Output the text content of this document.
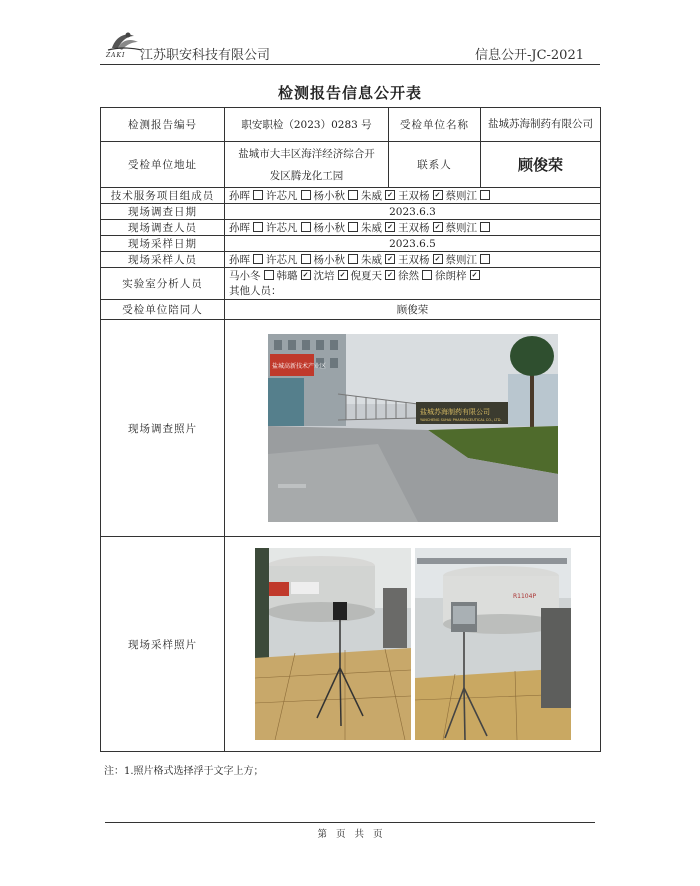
ZAKI 江苏职安科技有限公司	信息公开-JC-2021
检测报告信息公开表
检测报告编号	职安职检（2023）0283 号	受检单位名称	盐城苏海制药有限公司
受检单位地址	盐城市大丰区海洋经济综合开发区腾龙化工园	联系人	顾俊荣
技术服务项目组成员	孙晖 许芯凡 杨小秋 朱威 ✓ 王双杨 ✓ 蔡则江
现场调查日期	2023.6.3		
现场调查人员	孙晖 许芯凡 杨小秋 朱威 ✓ 王双杨 ✓ 蔡则江
现场采样日期	2023.6.5		
现场采样人员	孙晖 许芯凡 杨小秋 朱威 ✓ 王双杨 ✓ 蔡则江
实验室分析人员	马小冬 韩璐 ✓ 沈培 ✓ 倪夏天 ✓ 徐然 徐朗梓✓
其他人员：
受检单位陪同人	顾俊荣		
现场调查照片	盐城高新技术产业区
盐城苏海制药有限公司
YANCHENG SUHAI PHARMACEUTICAL CO., LTD.		

现场采样照片	R1104P		
注：1.照片格式选择浮于文字上方；
第 页 共 页
